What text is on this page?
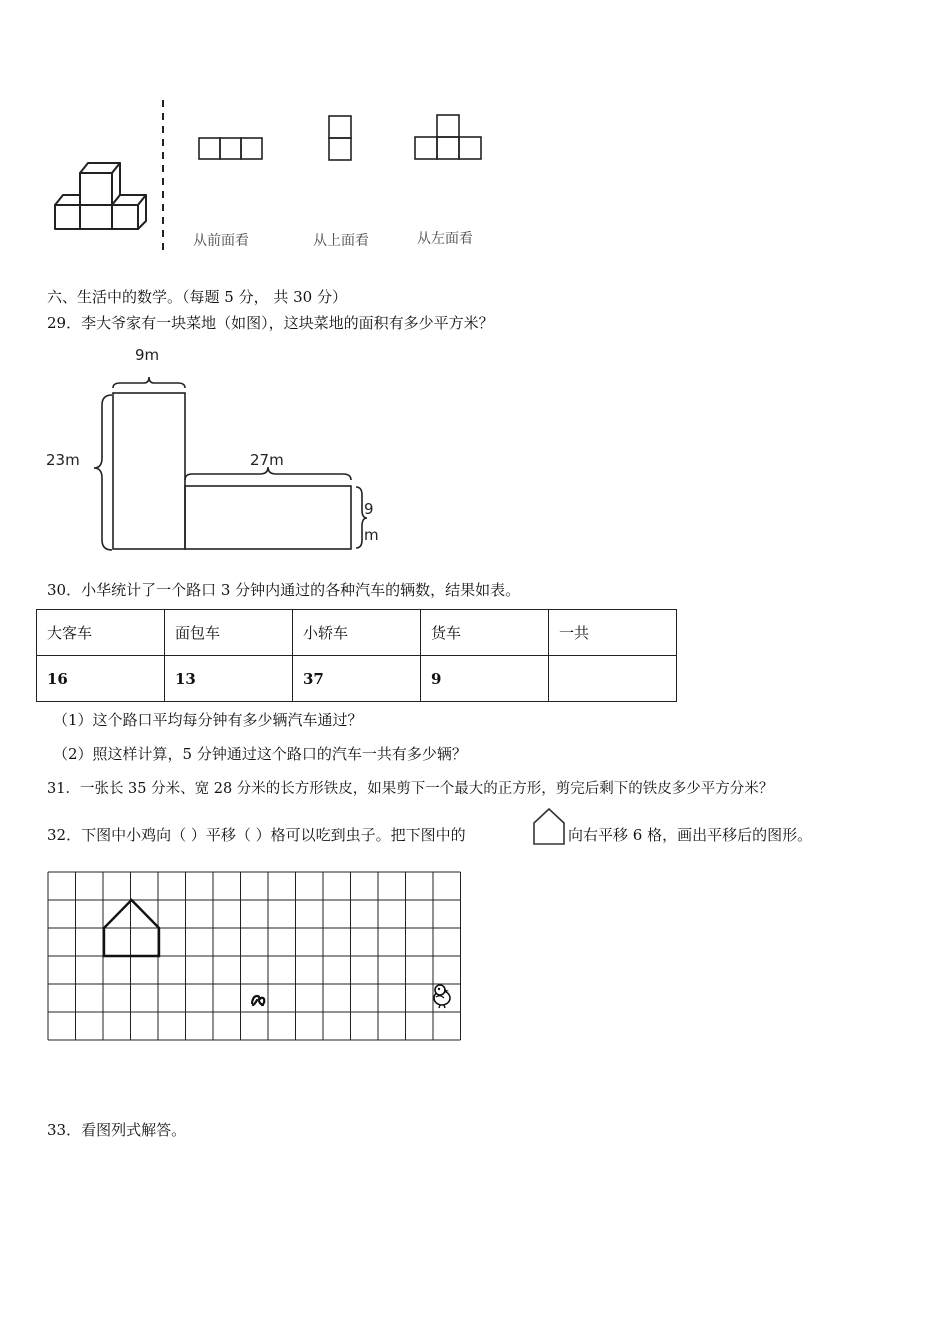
从前面看	从上面看	从左面看
六、生活中的数学。（每题 5 分， 共 30 分）
29．李大爷家有一块菜地（如图），这块菜地的面积有多少平方米？
9m
23m	27m
9
m
30．小华统计了一个路口 3 分钟内通过的各种汽车的辆数，结果如表。
大客车	面包车	小轿车	货车	一共
16	13	37	9	
（1）这个路口平均每分钟有多少辆汽车通过？
（2）照这样计算，5 分钟通过这个路口的汽车一共有多少辆？
31．一张长 35 分米、宽 28 分米的长方形铁皮，如果剪下一个最大的正方形，剪完后剩下的铁皮多少平方分米？
32．下图中小鸡向（ ）平移（ ）格可以吃到虫子。把下图中的	向右平移 6 格，画出平移后的图形。
33．看图列式解答。
